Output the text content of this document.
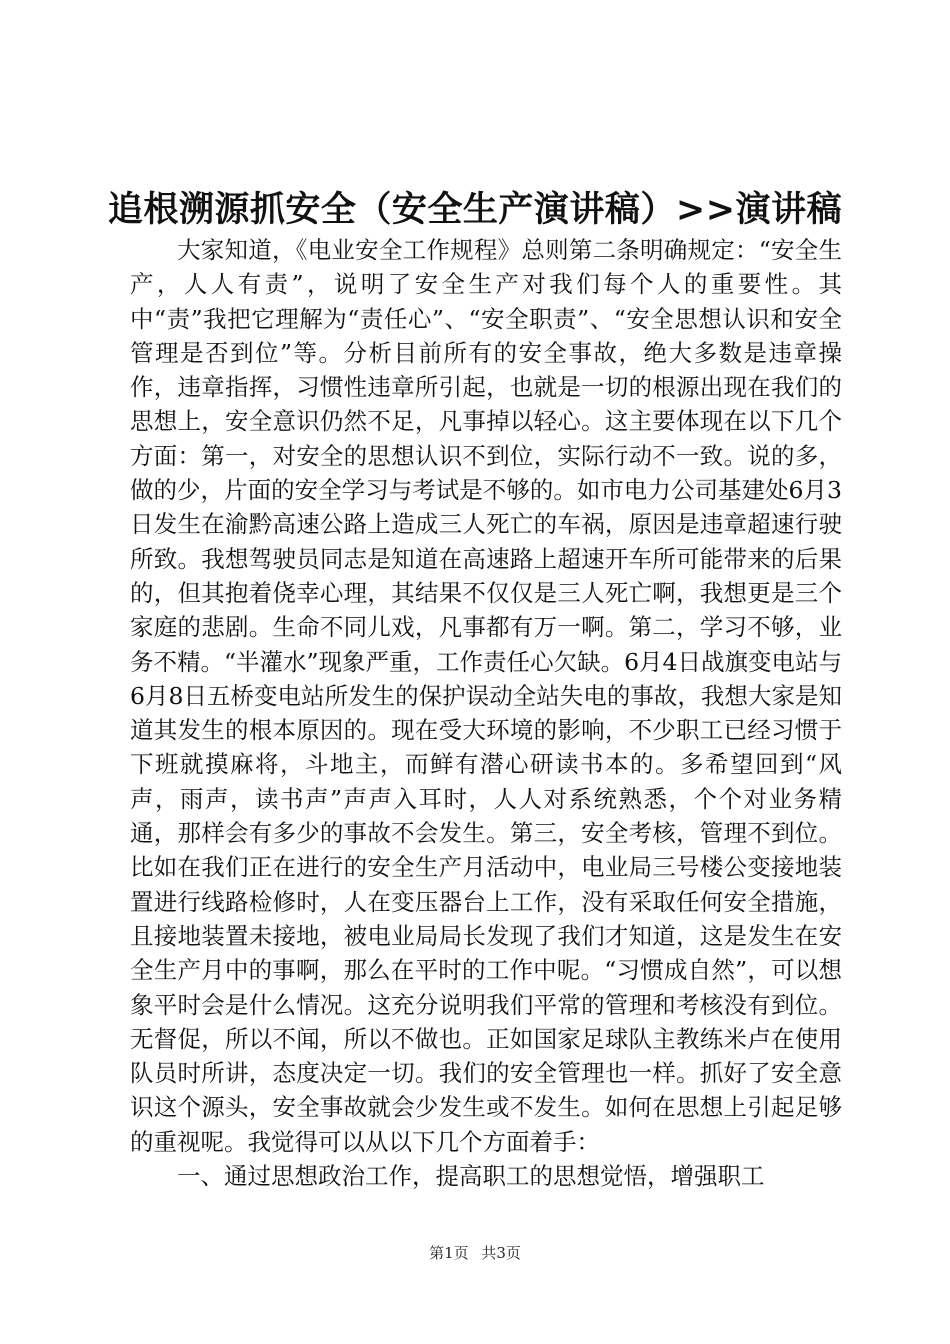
追根溯源抓安全（安全生产演讲稿）>>演讲稿

大家知道，《电业安全工作规程》总则第二条明确规定：“安全生产，人人有责”，说明了安全生产对我们每个人的重要性。其中“责”我把它理解为“责任心”、“安全职责”、“安全思想认识和安全管理是否到位”等。分析目前所有的安全事故，绝大多数是违章操作，违章指挥，习惯性违章所引起，也就是一切的根源出现在我们的思想上，安全意识仍然不足，凡事掉以轻心。这主要体现在以下几个方面：第一，对安全的思想认识不到位，实际行动不一致。说的多，做的少，片面的安全学习与考试是不够的。如市电力公司基建处6月3日发生在渝黔高速公路上造成三人死亡的车祸，原因是违章超速行驶所致。我想驾驶员同志是知道在高速路上超速开车所可能带来的后果的，但其抱着侥幸心理，其结果不仅仅是三人死亡啊，我想更是三个家庭的悲剧。生命不同儿戏，凡事都有万一啊。第二，学习不够，业务不精。“半灌水”现象严重，工作责任心欠缺。6月4日战旗变电站与6月8日五桥变电站所发生的保护误动全站失电的事故，我想大家是知道其发生的根本原因的。现在受大环境的影响，不少职工已经习惯于下班就摸麻将，斗地主，而鲜有潜心研读书本的。多希望回到“风声，雨声，读书声”声声入耳时，人人对系统熟悉，个个对业务精通，那样会有多少的事故不会发生。第三，安全考核，管理不到位。比如在我们正在进行的安全生产月活动中，电业局三号楼公变接地装置进行线路检修时，人在变压器台上工作，没有采取任何安全措施，且接地装置未接地，被电业局局长发现了我们才知道，这是发生在安全生产月中的事啊，那么在平时的工作中呢。“习惯成自然”，可以想象平时会是什么情况。这充分说明我们平常的管理和考核没有到位。无督促，所以不闻，所以不做也。正如国家足球队主教练米卢在使用队员时所讲，态度决定一切。我们的安全管理也一样。抓好了安全意识这个源头，安全事故就会少发生或不发生。如何在思想上引起足够的重视呢。我觉得可以从以下几个方面着手：

一、通过思想政治工作，提高职工的思想觉悟，增强职工

第1页 共3页
